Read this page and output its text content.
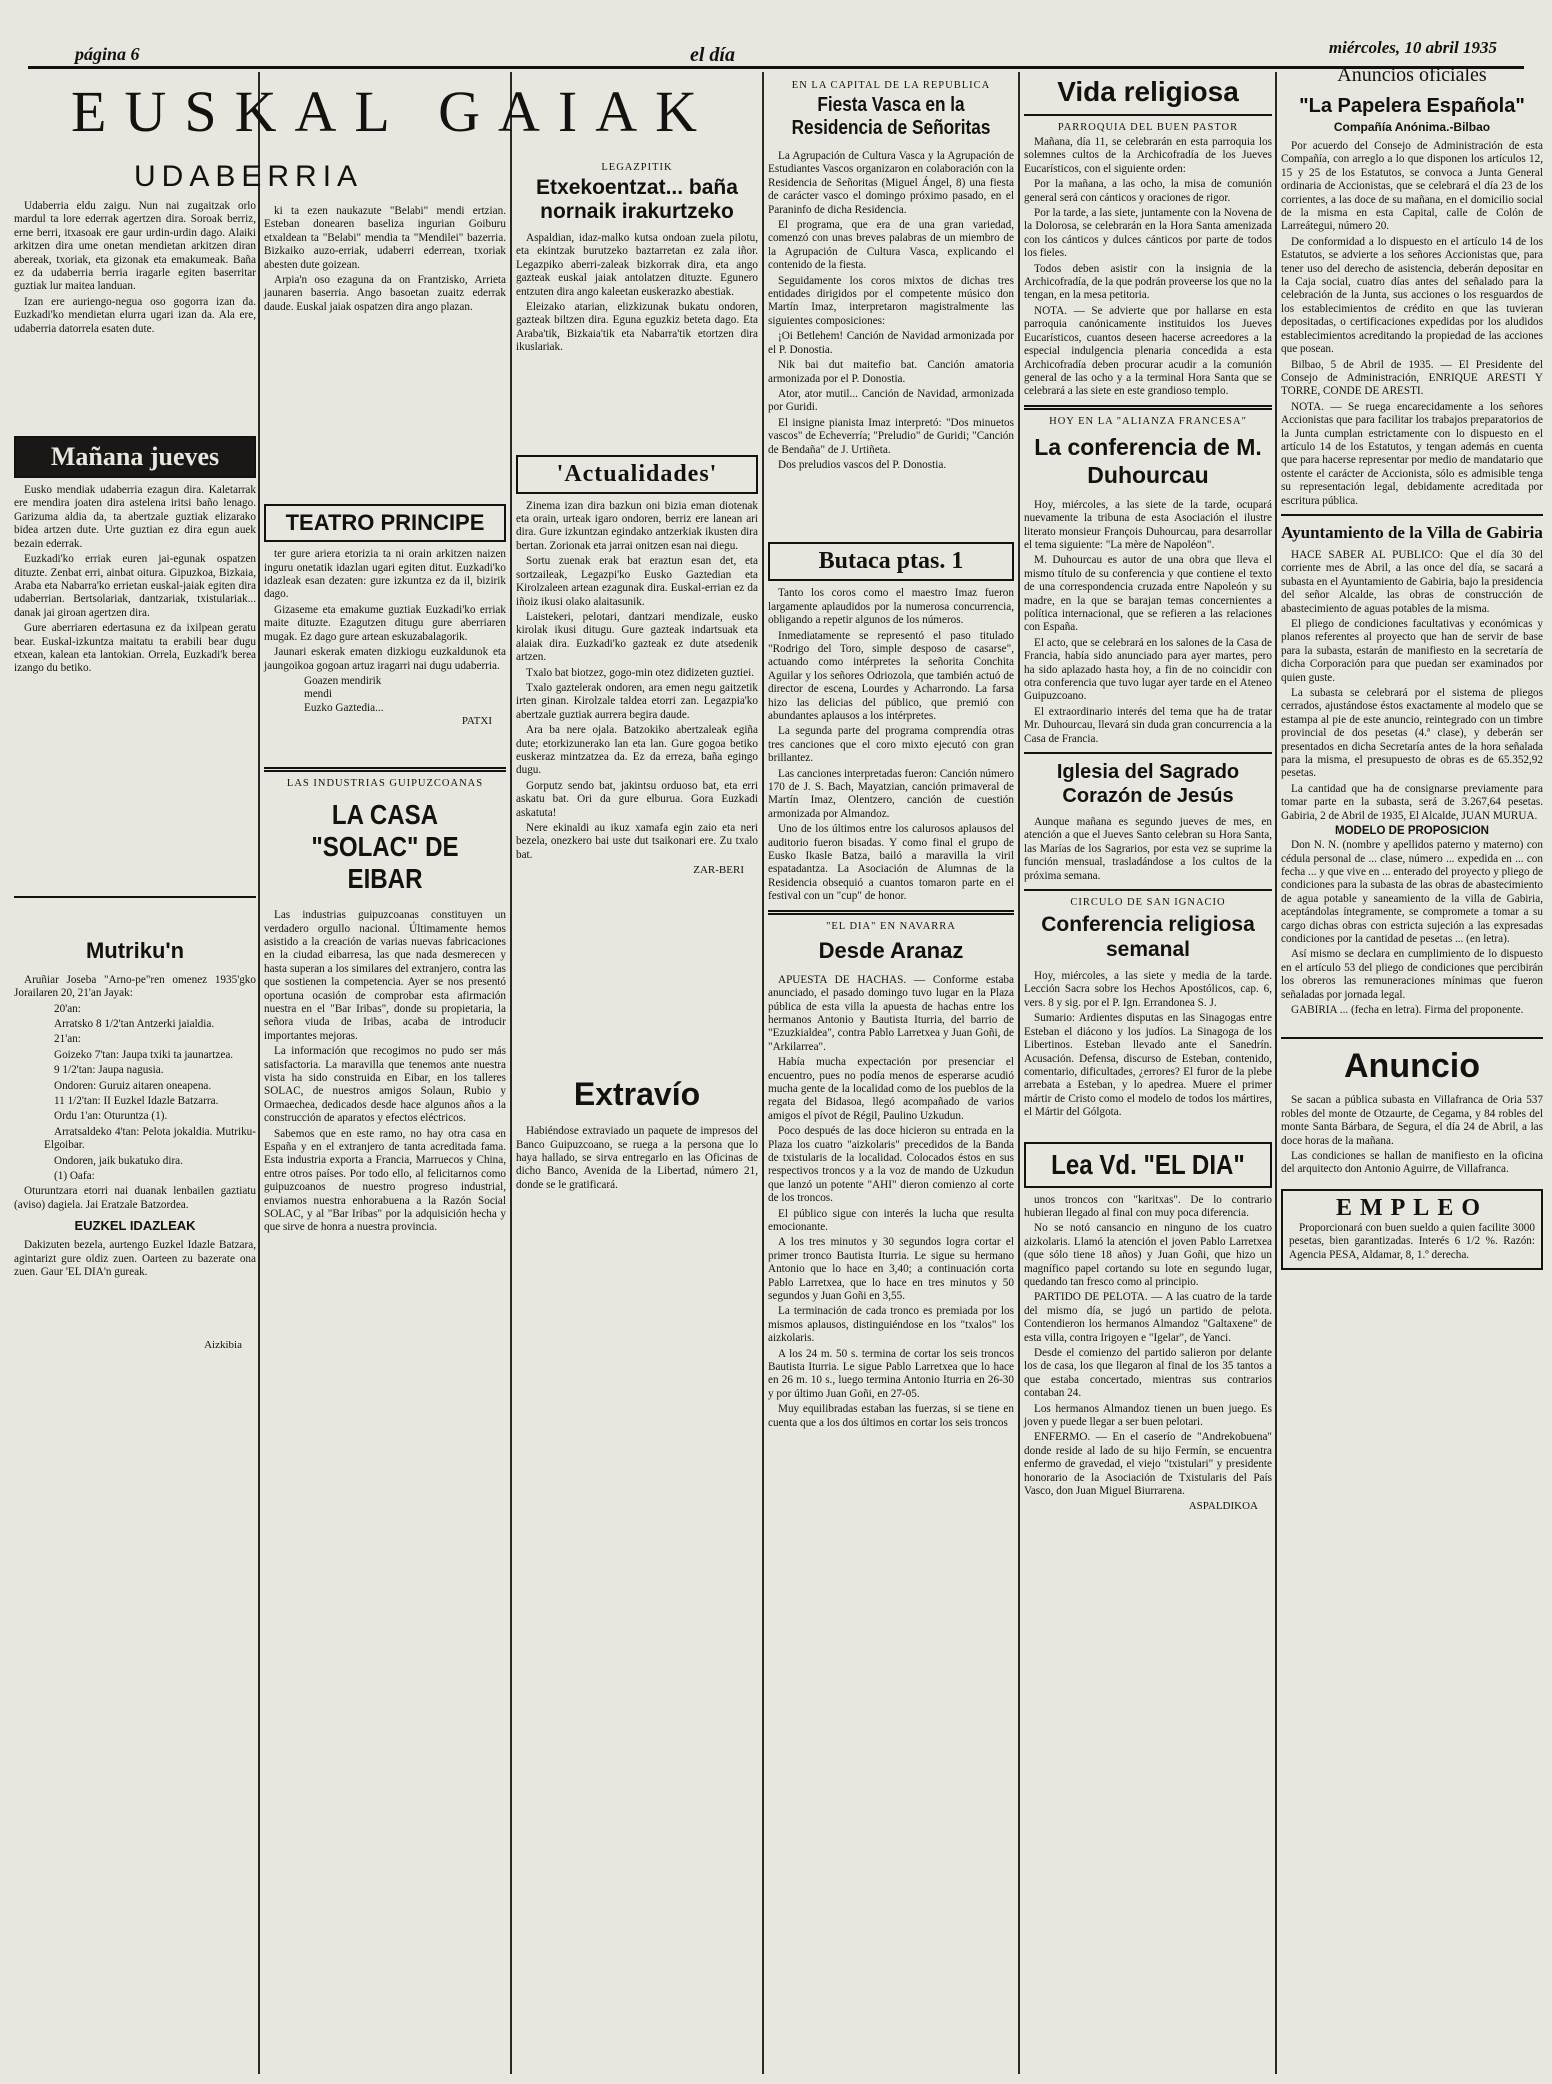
página 6	el día	miércoles, 10 abril 1935
EUSKAL GAIAK
UDABERRIA

Udaberria eldu zaigu. Nun nai zugaitzak orlo mardul ta lore ederrak agertzen dira. Soroak berriz, erne berri, itxasoak ere gaur urdin-urdin dago. Alaiki arkitzen dira ume onetan mendietan arkitzen diran abereak, txoriak, eta gizonak eta emakumeak. Baña ez da udaberria berria iragarle egiten baserritar guztiak lur maitea landuan.

Izan ere auriengo-negua oso gogorra izan da. Euzkadi'ko mendietan elurra ugari izan da. Ala ere, udaberria datorrela esaten dute.

Mañana jueves

Eusko mendiak udaberria ezagun dira. Kaletarrak ere mendira joaten dira astelena iritsi baño lenago. Garizuma aldia da, ta abertzale guztiak elizarako bidea artzen dute. Urte guztian ez dira egun auek bezain ederrak.

Euzkadi'ko erriak euren jai-egunak ospatzen dituzte. Zenbat erri, ainbat oitura. Gipuzkoa, Bizkaia, Araba eta Nabarra'ko errietan euskal-jaiak egiten dira udaberrian. Bertsolariak, dantzariak, txistulariak... danak jai giroan agertzen dira.

Gure aberriaren edertasuna ez da ixilpean geratu bear. Euskal-izkuntza maitatu ta erabili bear dugu etxean, kalean eta lantokian. Orrela, Euzkadi'k berea izango du betiko.

Mutriku'n

Aruñiar Joseba "Arno-pe"ren omenez 1935'gko Jorailaren 20, 21'an Jayak:

20'an:

Arratsko 8 1/2'tan Antzerki jaialdia.

21'an:

Goizeko 7'tan: Jaupa txiki ta jaunartzea.

9 1/2'tan: Jaupa nagusia.

Ondoren: Guruiz aitaren oneapena.

11 1/2'tan: II Euzkel Idazle Batzarra.

Ordu 1'an: Oturuntza (1).

Arratsaldeko 4'tan: Pelota jokaldia. Mutriku-Elgoibar.

Ondoren, jaik bukatuko dira.

(1) Oafa:

Oturuntzara etorri nai duanak lenbailen gaztiatu (aviso) dagiela. Jai Eratzale Batzordea.

EUZKEL IDAZLEAK

Dakizuten bezela, aurtengo Euzkel Idazle Batzara, agintarizt gure oldiz zuen. Oarteen zu bazerate ona zuen. Gaur 'EL DIA'n gureak.

Aizkibia

ki ta ezen naukazute "Belabi" mendi ertzian. Esteban donearen baseliza ingurian Goiburu etxaldean ta "Belabi" mendia ta "Mendilei" bazerria. Bizkaiko auzo-erriak, udaberri ederrean, txoriak abesten dute goizean.

Arpia'n oso ezaguna da on Frantzisko, Arrieta jaunaren baserria. Ango basoetan zuaitz ederrak daude. Euskal jaiak ospatzen dira ango plazan.

TEATRO PRINCIPE

ter gure ariera etorizia ta ni orain arkitzen naizen inguru onetatik idazlan ugari egiten ditut. Euzkadi'ko idazleak esan dezaten: gure izkuntza ez da il, bizirik dago.

Gizaseme eta emakume guztiak Euzkadi'ko erriak maite dituzte. Ezagutzen ditugu gure aberriaren mugak. Ez dago gure artean eskuzabalagorik.

Jaunari eskerak ematen dizkiogu euzkaldunok eta jaungoikoa gogoan artuz iragarri nai dugu udaberria.

Goazen mendirik
mendi
Euzko Gaztedia...
PATXI
LAS INDUSTRIAS GUIPUZCOANAS
LA CASA "SOLAC" DE EIBAR

Las industrias guipuzcoanas constituyen un verdadero orgullo nacional. Últimamente hemos asistido a la creación de varias nuevas fabricaciones en la ciudad eibarresa, las que nada desmerecen y hasta superan a los similares del extranjero, contra las que sostienen la competencia. Ayer se nos presentó oportuna ocasión de comprobar esta afirmación nuestra en el "Bar Iribas", donde su propietaria, la señora viuda de Iribas, acaba de introducir importantes mejoras.

La información que recogimos no pudo ser más satisfactoria. La maravilla que tenemos ante nuestra vista ha sido construida en Eibar, en los talleres SOLAC, de nuestros amigos Solaun, Rubio y Ormaechea, dedicados desde hace algunos años a la construcción de aparatos y efectos eléctricos.

Sabemos que en este ramo, no hay otra casa en España y en el extranjero de tanta acreditada fama. Esta industria exporta a Francia, Marruecos y China, entre otros países. Por todo ello, al felicitarnos como guipuzcoanos de nuestro progreso industrial, enviamos nuestra enhorabuena a la Razón Social SOLAC, y al "Bar Iribas" por la adquisición hecha y que sirve de honra a nuestra provincia.

LEGAZPITIK
Etxekoentzat... baña nornaik irakurtzeko

Aspaldian, idaz-malko kutsa ondoan zuela pilotu, eta ekintzak burutzeko baztarretan ez zala iñor. Legazpiko aberri-zaleak bizkorrak dira, eta ango gazteak euskal jaiak antolatzen dituzte. Egunero entzuten dira ango kaleetan euskerazko abestiak.

Eleizako atarian, elizkizunak bukatu ondoren, gazteak biltzen dira. Eguna eguzkiz beteta dago. Eta Araba'tik, Bizkaia'tik eta Nabarra'tik etortzen dira ikuslariak.

'Actualidades'

Zinema izan dira bazkun oni bizia eman diotenak eta orain, urteak igaro ondoren, berriz ere lanean ari dira. Gure izkuntzan egindako antzerkiak ikusten dira bertan. Zorionak eta jarrai onitzen esan nai diegu.

Sortu zuenak erak bat eraztun esan det, eta sortzaileak, Legazpi'ko Eusko Gaztedian eta Kirolzaleen artean ezagunak dira. Euskal-errian ez da iñoiz ikusi olako alaitasunik.

Laistekeri, pelotari, dantzari mendizale, eusko kirolak ikusi ditugu. Gure gazteak indartsuak eta alaiak dira. Euzkadi'ko gazteak ez dute atsedenik artzen.

Txalo bat biotzez, gogo-min otez didizeten guztiei.

Txalo gaztelerak ondoren, ara emen negu gaitzetik irten ginan. Kirolzale taldea etorri zan. Legazpia'ko abertzale guztiak aurrera begira daude.

Ara ba nere ojala. Batzokiko abertzaleak egiña dute; etorkizunerako lan eta lan. Gure gogoa betiko euskeraz mintzatzea da. Ez da erreza, baña egingo dugu.

Gorputz sendo bat, jakintsu orduoso bat, eta erri askatu bat. Ori da gure elburua. Gora Euzkadi askatuta!

Nere ekinaldi au ikuz xamafa egin zaio eta neri bezela, onezkero bai uste dut tsaikonari ere. Zu txalo bat.

ZAR-BERI
Extravío

Habiéndose extraviado un paquete de impresos del Banco Guipuzcoano, se ruega a la persona que lo haya hallado, se sirva entregarlo en las Oficinas de dicho Banco, Avenida de la Libertad, número 21, donde se le gratificará.

EN LA CAPITAL DE LA REPUBLICA
Fiesta Vasca en la Residencia de Señoritas

La Agrupación de Cultura Vasca y la Agrupación de Estudiantes Vascos organizaron en colaboración con la Residencia de Señoritas (Miguel Ángel, 8) una fiesta de carácter vasco el domingo próximo pasado, en el Paraninfo de dicha Residencia.

El programa, que era de una gran variedad, comenzó con unas breves palabras de un miembro de la Agrupación de Cultura Vasca, explicando el contenido de la fiesta.

Seguidamente los coros mixtos de dichas tres entidades dirigidos por el competente músico don Martín Imaz, interpretaron magistralmente las siguientes composiciones:

¡Oi Betlehem! Canción de Navidad armonizada por el P. Donostia.

Nik bai dut maitefio bat. Canción amatoria armonizada por el P. Donostia.

Ator, ator mutil... Canción de Navidad, armonizada por Guridi.

El insigne pianista Imaz interpretó: "Dos minuetos vascos" de Echeverría; "Preludio" de Guridi; "Canción de Bendaña" de J. Urtiñeta.

Dos preludios vascos del P. Donostia.

Butaca ptas. 1

Tanto los coros como el maestro Imaz fueron largamente aplaudidos por la numerosa concurrencia, obligando a repetir algunos de los números.

Inmediatamente se representó el paso titulado "Rodrigo del Toro, simple desposo de casarse", actuando como intérpretes la señorita Conchita Aguilar y los señores Odriozola, que también actuó de director de escena, Lourdes y Acharrondo. La farsa hizo las delicias del público, que premió con abundantes aplausos a los intérpretes.

La segunda parte del programa comprendía otras tres canciones que el coro mixto ejecutó con gran brillantez.

Las canciones interpretadas fueron: Canción número 170 de J. S. Bach, Mayatzian, canción primaveral de Martín Imaz, Olentzero, canción de cuestión armonizada por Almandoz.

Uno de los últimos entre los calurosos aplausos del auditorio fueron bisadas. Y como final el grupo de Eusko Ikasle Batza, bailó a maravilla la viril espatadantza. La Asociación de Alumnas de la Residencia obsequió a cuantos tomaron parte en el festival con un "cup" de honor.

"EL DIA" EN NAVARRA
Desde Aranaz

APUESTA DE HACHAS. — Conforme estaba anunciado, el pasado domingo tuvo lugar en la Plaza pública de esta villa la apuesta de hachas entre los hermanos Antonio y Bautista Iturria, del barrio de "Ezuzkialdea", contra Pablo Larretxea y Juan Goñi, de "Arkilarrea".

Había mucha expectación por presenciar el encuentro, pues no podía menos de esperarse acudió mucha gente de la localidad como de los pueblos de la regata del Bidasoa, llegó acompañado de varios amigos el pívot de Régil, Paulino Uzkudun.

Poco después de las doce hicieron su entrada en la Plaza los cuatro "aizkolaris" precedidos de la Banda de txistularis de la localidad. Colocados éstos en sus respectivos troncos y a la voz de mando de Uzkudun que lanzó un potente "AHI" dieron comienzo al corte de los troncos.

El público sigue con interés la lucha que resulta emocionante.

A los tres minutos y 30 segundos logra cortar el primer tronco Bautista Iturria. Le sigue su hermano Antonio que lo hace en 3,40; a continuación corta Pablo Larretxea, que lo hace en tres minutos y 50 segundos y Juan Goñi en 3,55.

La terminación de cada tronco es premiada por los mismos aplausos, distinguiéndose en los "txalos" los aizkolaris.

A los 24 m. 50 s. termina de cortar los seis troncos Bautista Iturria. Le sigue Pablo Larretxea que lo hace en 26 m. 10 s., luego termina Antonio Iturria en 26-30 y por último Juan Goñi, en 27-05.

Muy equilibradas estaban las fuerzas, si se tiene en cuenta que a los dos últimos en cortar los seis troncos

Vida religiosa
PARROQUIA DEL BUEN PASTOR

Mañana, día 11, se celebrarán en esta parroquia los solemnes cultos de la Archicofradía de los Jueves Eucarísticos, con el siguiente orden:

Por la mañana, a las ocho, la misa de comunión general será con cánticos y oraciones de rigor.

Por la tarde, a las siete, juntamente con la Novena de la Dolorosa, se celebrarán en la Hora Santa amenizada con los cánticos y dulces cánticos por parte de todos los fieles.

Todos deben asistir con la insignia de la Archicofradía, de la que podrán proveerse los que no la tengan, en la mesa petitoria.

NOTA. — Se advierte que por hallarse en esta parroquia canónicamente instituidos los Jueves Eucarísticos, cuantos deseen hacerse acreedores a la especial indulgencia plenaria concedida a esta Archicofradía deben procurar acudir a la comunión general de las ocho y a la terminal Hora Santa que se celebrará a las siete en este grandioso templo.

HOY EN LA "ALIANZA FRANCESA"
La conferencia de M. Duhourcau

Hoy, miércoles, a las siete de la tarde, ocupará nuevamente la tribuna de esta Asociación el ilustre literato monsieur François Duhourcau, para desarrollar el tema siguiente: "La mère de Napoléon".

M. Duhourcau es autor de una obra que lleva el mismo título de su conferencia y que contiene el texto de una correspondencia cruzada entre Napoleón y su madre, en la que se barajan temas concernientes a política internacional, que se refieren a las relaciones con España.

El acto, que se celebrará en los salones de la Casa de Francia, había sido anunciado para ayer martes, pero ha sido aplazado hasta hoy, a fin de no coincidir con otra conferencia que tuvo lugar ayer tarde en el Ateneo Guipuzcoano.

El extraordinario interés del tema que ha de tratar Mr. Duhourcau, llevará sin duda gran concurrencia a la Casa de Francia.

Iglesia del Sagrado Corazón de Jesús

Aunque mañana es segundo jueves de mes, en atención a que el Jueves Santo celebran su Hora Santa, las Marías de los Sagrarios, por esta vez se suprime la función mensual, trasladándose a los cultos de la próxima semana.

CIRCULO DE SAN IGNACIO
Conferencia religiosa semanal

Hoy, miércoles, a las siete y media de la tarde. Lección Sacra sobre los Hechos Apostólicos, cap. 6, vers. 8 y sig. por el P. Ign. Errandonea S. J.

Sumario: Ardientes disputas en las Sinagogas entre Esteban el diácono y los judíos. La Sinagoga de los Libertinos. Esteban llevado ante el Sanedrín. Acusación. Defensa, discurso de Esteban, contenido, comentario, dificultades, ¿errores? El furor de la plebe arrebata a Esteban, y lo apedrea. Muere el primer mártir de Cristo como el modelo de todos los mártires, el Mártir del Gólgota.

Lea Vd. "EL DIA"

unos troncos con "karitxas". De lo contrario hubieran llegado al final con muy poca diferencia.

No se notó cansancio en ninguno de los cuatro aizkolaris. Llamó la atención el joven Pablo Larretxea (que sólo tiene 18 años) y Juan Goñi, que hizo un magnífico papel cortando su lote en segundo lugar, quedando tan fresco como al principio.

PARTIDO DE PELOTA. — A las cuatro de la tarde del mismo día, se jugó un partido de pelota. Contendieron los hermanos Almandoz "Galtaxene" de esta villa, contra Irigoyen e "Igelar", de Yanci.

Desde el comienzo del partido salieron por delante los de casa, los que llegaron al final de los 35 tantos a que estaba concertado, mientras sus contrarios contaban 24.

Los hermanos Almandoz tienen un buen juego. Es joven y puede llegar a ser buen pelotari.

ENFERMO. — En el caserío de "Andrekobuena" donde reside al lado de su hijo Fermín, se encuentra enfermo de gravedad, el viejo "txistulari" y presidente honorario de la Asociación de Txistularis del País Vasco, don Juan Miguel Biurrarena.

ASPALDIKOA
Anuncios oficiales
"La Papelera Española"
Compañía Anónima.-Bilbao

Por acuerdo del Consejo de Administración de esta Compañía, con arreglo a lo que disponen los artículos 12, 15 y 25 de los Estatutos, se convoca a Junta General ordinaria de Accionistas, que se celebrará el día 23 de los corrientes, a las doce de su mañana, en el domicilio social de la misma en esta Capital, calle de Colón de Larreátegui, número 20.

De conformidad a lo dispuesto en el artículo 14 de los Estatutos, se advierte a los señores Accionistas que, para tener uso del derecho de asistencia, deberán depositar en la Caja social, cuatro días antes del señalado para la celebración de la Junta, sus acciones o los resguardos de los establecimientos de crédito en que las tuvieran depositadas, o certificaciones expedidas por los aludidos establecimientos acreditando la propiedad de las acciones que posean.

Bilbao, 5 de Abril de 1935. — El Presidente del Consejo de Administración, ENRIQUE ARESTI Y TORRE, CONDE DE ARESTI.

NOTA. — Se ruega encarecidamente a los señores Accionistas que para facilitar los trabajos preparatorios de la Junta cumplan estrictamente con lo dispuesto en el artículo 14 de los Estatutos, y tengan además en cuenta que para hacerse representar por medio de mandatario que ostente el carácter de Accionista, sólo es admisible tenga su representación legal, debidamente acreditada por escritura pública.

Ayuntamiento de la Villa de Gabiria

HACE SABER AL PUBLICO: Que el día 30 del corriente mes de Abril, a las once del día, se sacará a subasta en el Ayuntamiento de Gabiria, bajo la presidencia del señor Alcalde, las obras de construcción de abastecimiento de aguas potables de la misma.

El pliego de condiciones facultativas y económicas y planos referentes al proyecto que han de servir de base para la subasta, estarán de manifiesto en la secretaría de dicha Corporación para que puedan ser examinados por quien guste.

La subasta se celebrará por el sistema de pliegos cerrados, ajustándose éstos exactamente al modelo que se estampa al pie de este anuncio, reintegrado con un timbre provincial de dos pesetas (4.ª clase), y deberán ser presentados en dicha Secretaría antes de la hora señalada para la misma, el presupuesto de obras es de 65.352,92 pesetas.

La cantidad que ha de consignarse previamente para tomar parte en la subasta, será de 3.267,64 pesetas. Gabiria, 2 de Abril de 1935, El Alcalde, JUAN MURUA.

MODELO DE PROPOSICION

Don N. N. (nombre y apellidos paterno y materno) con cédula personal de ... clase, número ... expedida en ... con fecha ... y que vive en ... enterado del proyecto y pliego de condiciones para la subasta de las obras de abastecimiento de agua potable y saneamiento de la villa de Gabiria, aceptándolas íntegramente, se compromete a tomar a su cargo dichas obras con estricta sujeción a las expresadas condiciones por la cantidad de pesetas ... (en letra).

Así mismo se declara en cumplimiento de lo dispuesto en el artículo 53 del pliego de condiciones que percibirán los obreros las remuneraciones mínimas que fueron señaladas por jornada legal.

GABIRIA ... (fecha en letra). Firma del proponente.

Anuncio

Se sacan a pública subasta en Villafranca de Oria 537 robles del monte de Otzaurte, de Cegama, y 84 robles del monte Santa Bárbara, de Segura, el día 24 de Abril, a las doce horas de la mañana.

Las condiciones se hallan de manifiesto en la oficina del arquitecto don Antonio Aguirre, de Villafranca.

EMPLEO

Proporcionará con buen sueldo a quien facilite 3000 pesetas, bien garantizadas. Interés 6 1/2 %. Razón: Agencia PESA, Aldamar, 8, 1.º derecha.
